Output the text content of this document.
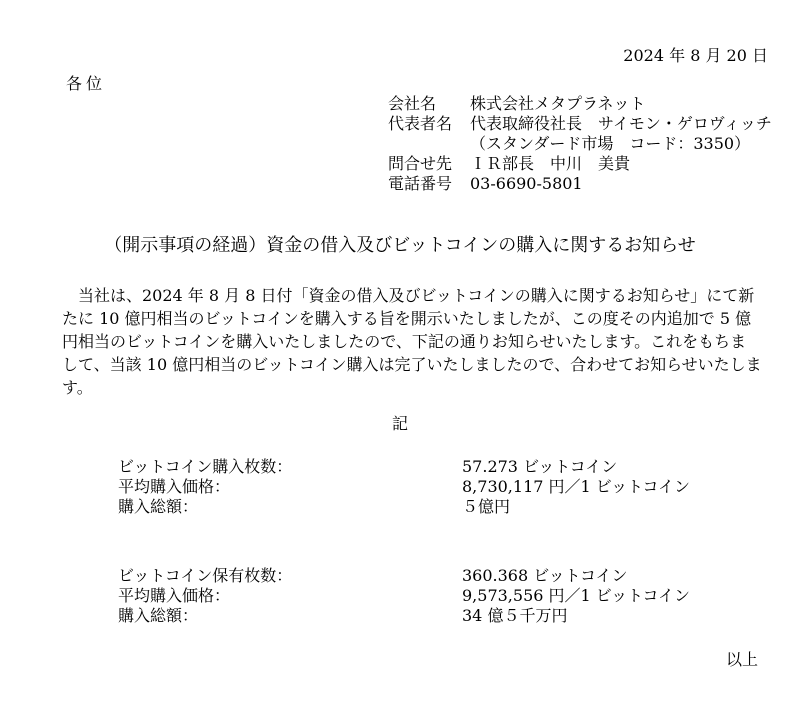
2024 年 8 月 20 日
各位
会社名	株式会社メタプラネット
代表者名	代表取締役社長　サイモン・ゲロヴィッチ
（スタンダード市場　コード：3350）
問合せ先	ＩＲ部長　中川　美貴
電話番号	03-6690-5801
（開示事項の経過）資金の借入及びビットコインの購入に関するお知らせ

当社は、2024 年 8 月 8 日付「資金の借入及びビットコインの購入に関するお知らせ」にて新たに 10 億円相当のビットコインを購入する旨を開示いたしましたが、この度その内追加で 5 億円相当のビットコインを購入いたしましたので、下記の通りお知らせいたします。これをもちまして、当該 10 億円相当のビットコイン購入は完了いたしましたので、合わせてお知らせいたします。

記
ビットコイン購入枚数：	57.273 ビットコイン
平均購入価格：	8,730,117 円／1 ビットコイン
購入総額：	５億円
ビットコイン保有枚数：	360.368 ビットコイン
平均購入価格：	9,573,556 円／1 ビットコイン
購入総額：	34 億５千万円
以上
